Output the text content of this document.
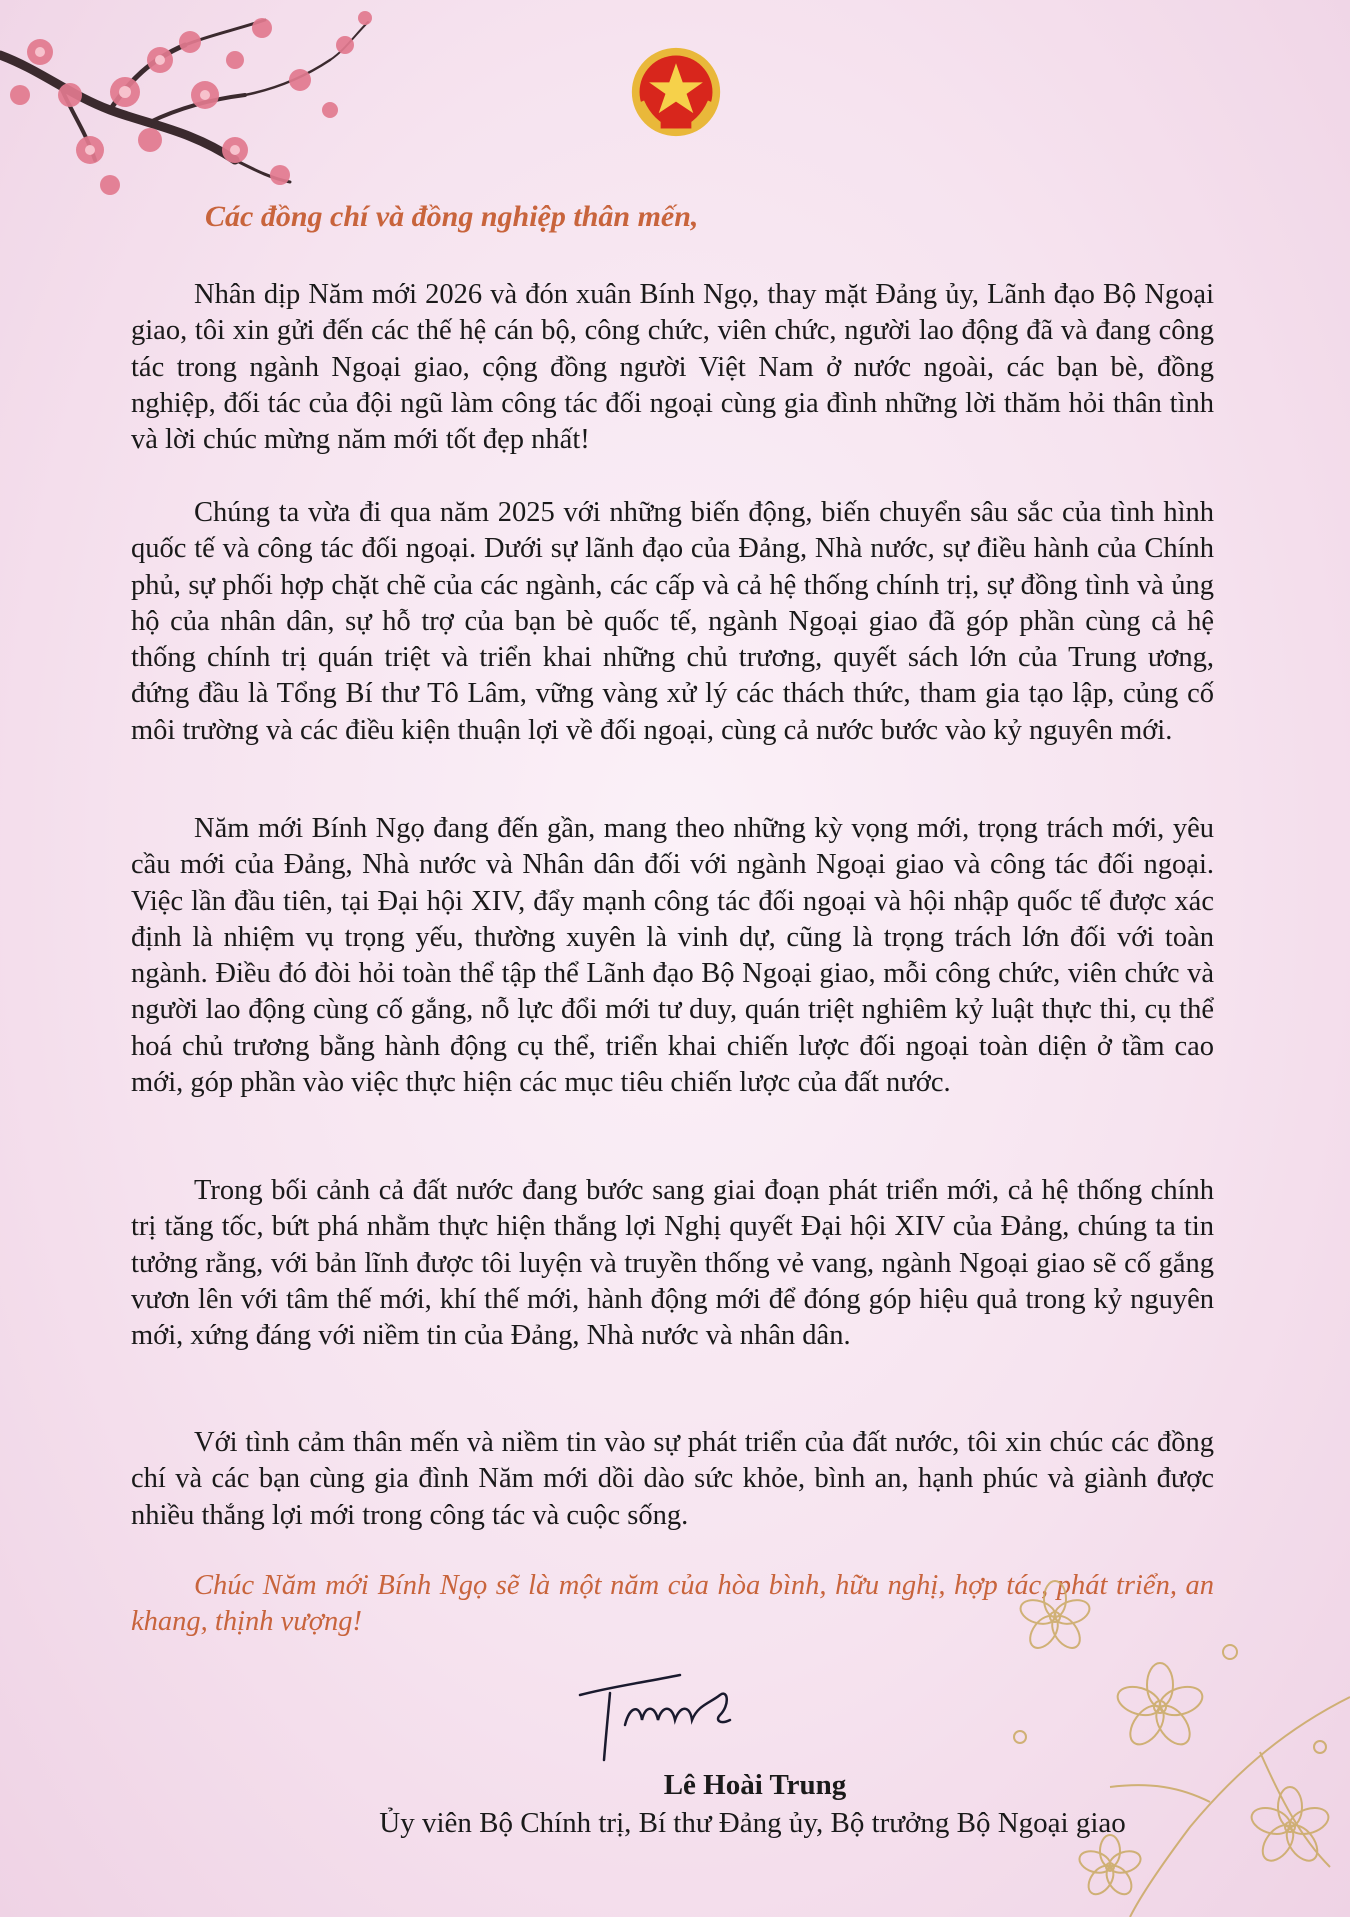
Các đồng chí và đồng nghiệp thân mến,

Nhân dịp Năm mới 2026 và đón xuân Bính Ngọ, thay mặt Đảng ủy, Lãnh đạo Bộ Ngoại giao, tôi xin gửi đến các thế hệ cán bộ, công chức, viên chức, người lao động đã và đang công tác trong ngành Ngoại giao, cộng đồng người Việt Nam ở nước ngoài, các bạn bè, đồng nghiệp, đối tác của đội ngũ làm công tác đối ngoại cùng gia đình những lời thăm hỏi thân tình và lời chúc mừng năm mới tốt đẹp nhất!

Chúng ta vừa đi qua năm 2025 với những biến động, biến chuyển sâu sắc của tình hình quốc tế và công tác đối ngoại. Dưới sự lãnh đạo của Đảng, Nhà nước, sự điều hành của Chính phủ, sự phối hợp chặt chẽ của các ngành, các cấp và cả hệ thống chính trị, sự đồng tình và ủng hộ của nhân dân, sự hỗ trợ của bạn bè quốc tế, ngành Ngoại giao đã góp phần cùng cả hệ thống chính trị quán triệt và triển khai những chủ trương, quyết sách lớn của Trung ương, đứng đầu là Tổng Bí thư Tô Lâm, vững vàng xử lý các thách thức, tham gia tạo lập, củng cố môi trường và các điều kiện thuận lợi về đối ngoại, cùng cả nước bước vào kỷ nguyên mới.

Năm mới Bính Ngọ đang đến gần, mang theo những kỳ vọng mới, trọng trách mới, yêu cầu mới của Đảng, Nhà nước và Nhân dân đối với ngành Ngoại giao và công tác đối ngoại. Việc lần đầu tiên, tại Đại hội XIV, đẩy mạnh công tác đối ngoại và hội nhập quốc tế được xác định là nhiệm vụ trọng yếu, thường xuyên là vinh dự, cũng là trọng trách lớn đối với toàn ngành. Điều đó đòi hỏi toàn thể tập thể Lãnh đạo Bộ Ngoại giao, mỗi công chức, viên chức và người lao động cùng cố gắng, nỗ lực đổi mới tư duy, quán triệt nghiêm kỷ luật thực thi, cụ thể hoá chủ trương bằng hành động cụ thể, triển khai chiến lược đối ngoại toàn diện ở tầm cao mới, góp phần vào việc thực hiện các mục tiêu chiến lược của đất nước.

Trong bối cảnh cả đất nước đang bước sang giai đoạn phát triển mới, cả hệ thống chính trị tăng tốc, bứt phá nhằm thực hiện thắng lợi Nghị quyết Đại hội XIV của Đảng, chúng ta tin tưởng rằng, với bản lĩnh được tôi luyện và truyền thống vẻ vang, ngành Ngoại giao sẽ cố gắng vươn lên với tâm thế mới, khí thế mới, hành động mới để đóng góp hiệu quả trong kỷ nguyên mới, xứng đáng với niềm tin của Đảng, Nhà nước và nhân dân.

Với tình cảm thân mến và niềm tin vào sự phát triển của đất nước, tôi xin chúc các đồng chí và các bạn cùng gia đình Năm mới dồi dào sức khỏe, bình an, hạnh phúc và giành được nhiều thắng lợi mới trong công tác và cuộc sống.

Chúc Năm mới Bính Ngọ sẽ là một năm của hòa bình, hữu nghị, hợp tác, phát triển, an khang, thịnh vượng!

Lê Hoài Trung

Ủy viên Bộ Chính trị, Bí thư Đảng ủy, Bộ trưởng Bộ Ngoại giao
